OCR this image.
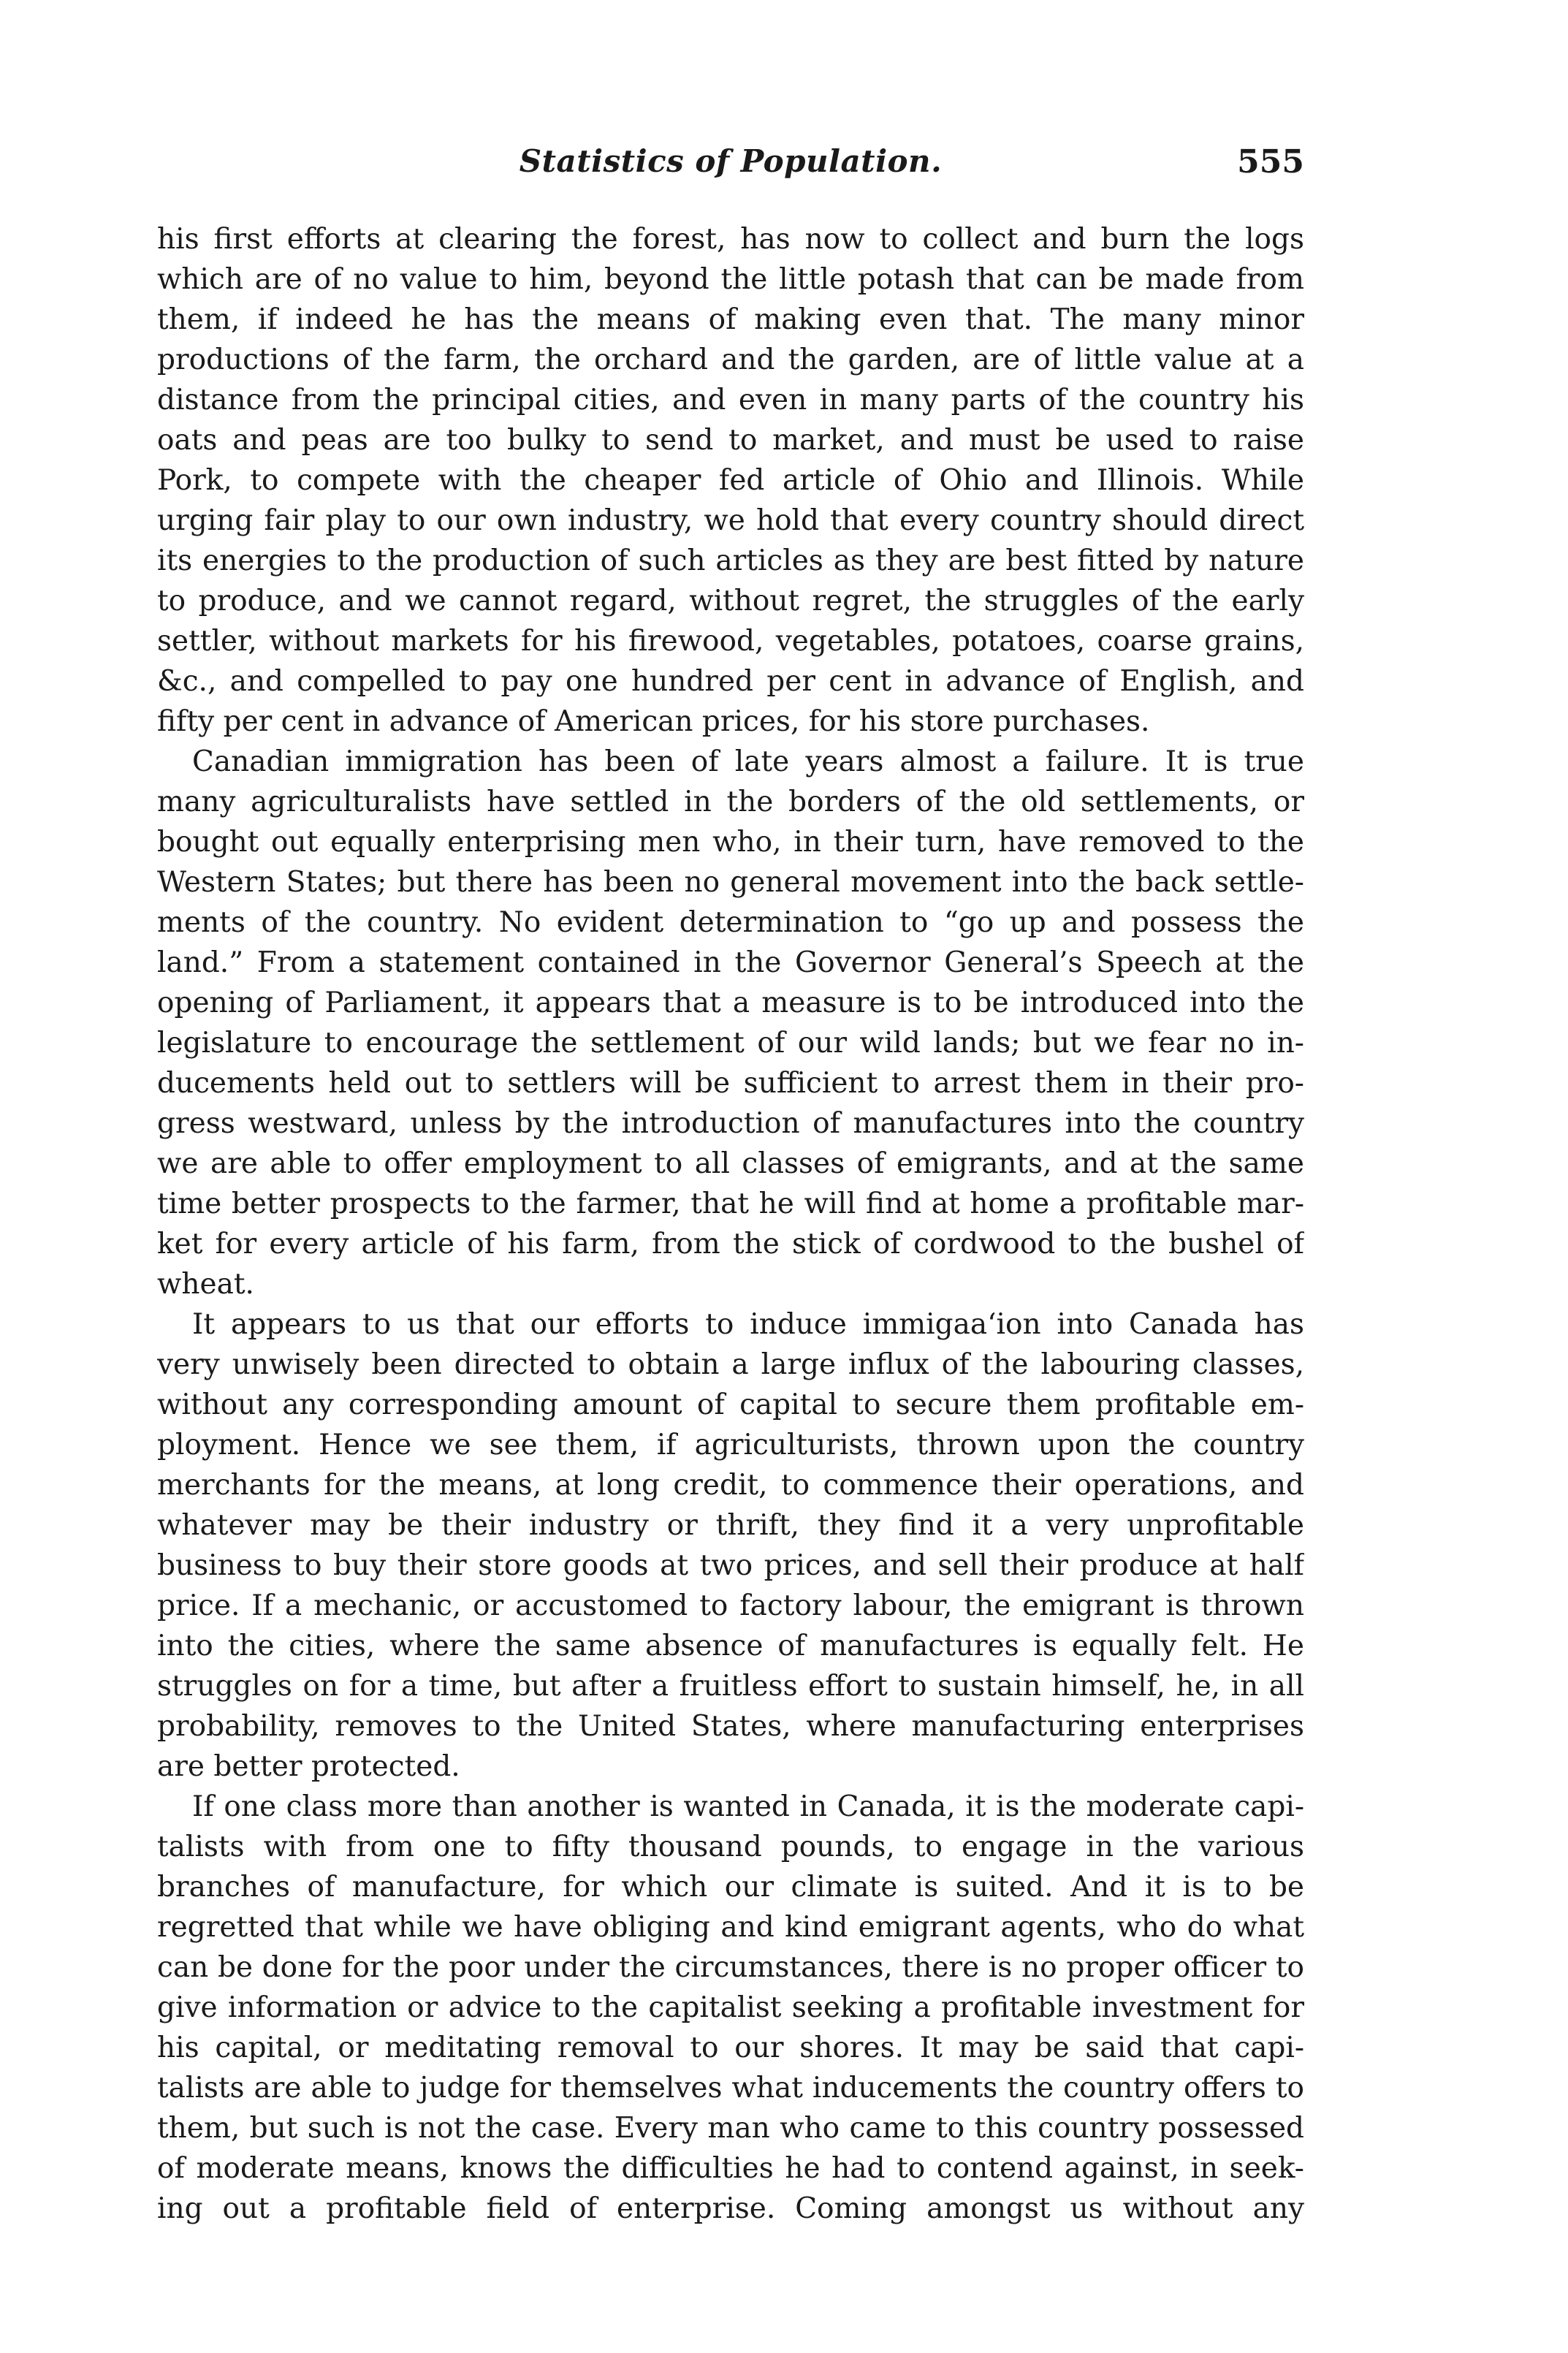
Statistics of Population.	555
his first efforts at clearing the forest, has now to collect and burn the logs
which are of no value to him, beyond the little potash that can be made from
them, if indeed he has the means of making even that. The many minor
productions of the farm, the orchard and the garden, are of little value at a
distance from the principal cities, and even in many parts of the country his
oats and peas are too bulky to send to market, and must be used to raise
Pork, to compete with the cheaper fed article of Ohio and Illinois. While
urging fair play to our own industry, we hold that every country should direct
its energies to the production of such articles as they are best fitted by nature
to produce, and we cannot regard, without regret, the struggles of the early
settler, without markets for his firewood, vegetables, potatoes, coarse grains,
&c., and compelled to pay one hundred per cent in advance of English, and
fifty per cent in advance of American prices, for his store purchases.
Canadian immigration has been of late years almost a failure. It is true
many agriculturalists have settled in the borders of the old settlements, or
bought out equally enterprising men who, in their turn, have removed to the
Western States; but there has been no general movement into the back settle-
ments of the country. No evident determination to “go up and possess the
land.” From a statement contained in the Governor General’s Speech at the
opening of Parliament, it appears that a measure is to be introduced into the
legislature to encourage the settlement of our wild lands; but we fear no in-
ducements held out to settlers will be sufficient to arrest them in their pro-
gress westward, unless by the introduction of manufactures into the country
we are able to offer employment to all classes of emigrants, and at the same
time better prospects to the farmer, that he will find at home a profitable mar-
ket for every article of his farm, from the stick of cordwood to the bushel of
wheat.
It appears to us that our efforts to induce immigaa‘ion into Canada has
very unwisely been directed to obtain a large influx of the labouring classes,
without any corresponding amount of capital to secure them profitable em-
ployment. Hence we see them, if agriculturists, thrown upon the country
merchants for the means, at long credit, to commence their operations, and
whatever may be their industry or thrift, they find it a very unprofitable
business to buy their store goods at two prices, and sell their produce at half
price. If a mechanic, or accustomed to factory labour, the emigrant is thrown
into the cities, where the same absence of manufactures is equally felt. He
struggles on for a time, but after a fruitless effort to sustain himself, he, in all
probability, removes to the United States, where manufacturing enterprises
are better protected.
If one class more than another is wanted in Canada, it is the moderate capi-
talists with from one to fifty thousand pounds, to engage in the various
branches of manufacture, for which our climate is suited. And it is to be
regretted that while we have obliging and kind emigrant agents, who do what
can be done for the poor under the circumstances, there is no proper officer to
give information or advice to the capitalist seeking a profitable investment for
his capital, or meditating removal to our shores. It may be said that capi-
talists are able to judge for themselves what inducements the country offers to
them, but such is not the case. Every man who came to this country possessed
of moderate means, knows the difficulties he had to contend against, in seek-
ing out a profitable field of enterprise. Coming amongst us without any
